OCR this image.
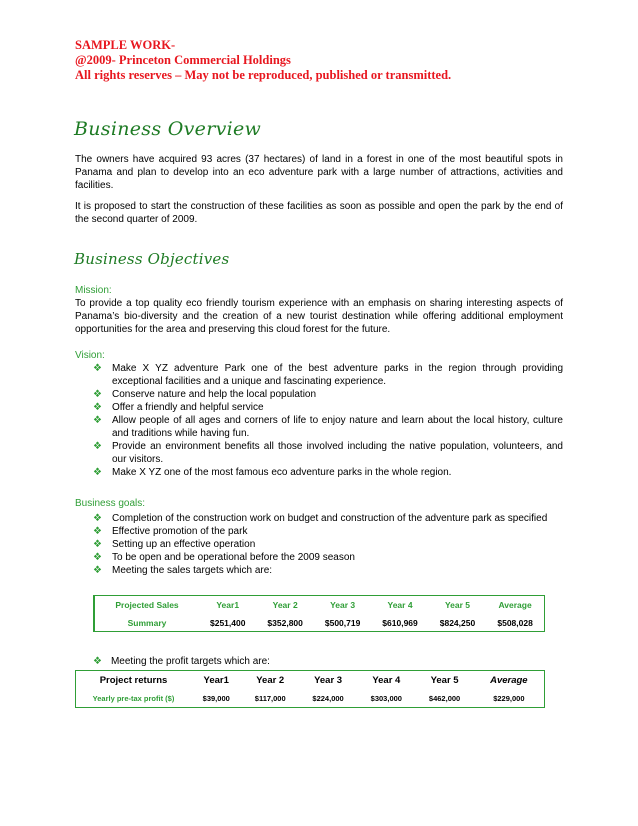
SAMPLE WORK-
@2009- Princeton Commercial Holdings
All rights reserves – May not be reproduced, published or transmitted.
Business Overview
The owners have acquired 93 acres (37 hectares) of land in a forest in one of the most beautiful spots in Panama and plan to develop into an eco adventure park with a large number of attractions, activities and facilities.
It is proposed to start the construction of these facilities as soon as possible and open the park by the end of the second quarter of 2009.
Business Objectives
Mission:
To provide a top quality eco friendly tourism experience with an emphasis on sharing interesting aspects of Panama’s bio-diversity and the creation of a new tourist destination while offering additional employment opportunities for the area and preserving this cloud forest for the future.
Vision:
❖ Make X YZ adventure Park one of the best adventure parks in the region through providing exceptional facilities and a unique and fascinating experience.
❖ Conserve nature and help the local population
❖ Offer a friendly and helpful service
❖ Allow people of all ages and corners of life to enjoy nature and learn about the local history, culture and traditions while having fun.
❖ Provide an environment benefits all those involved including the native population, volunteers, and our visitors.
❖ Make X YZ one of the most famous eco adventure parks in the whole region.
Business goals:
❖ Completion of the construction work on budget and construction of the adventure park as specified
❖ Effective promotion of the park
❖ Setting up an effective operation
❖ To be open and be operational before the 2009 season
❖ Meeting the sales targets which are:
Projected Sales	Year1	Year 2	Year 3	Year 4	Year 5	Average
Summary	$251,400	$352,800	$500,719	$610,969	$824,250	$508,028
❖ Meeting the profit targets which are:
Project returns	Year1	Year 2	Year 3	Year 4	Year 5	Average
Yearly pre-tax profit ($)	$39,000	$117,000	$224,000	$303,000	$462,000	$229,000
